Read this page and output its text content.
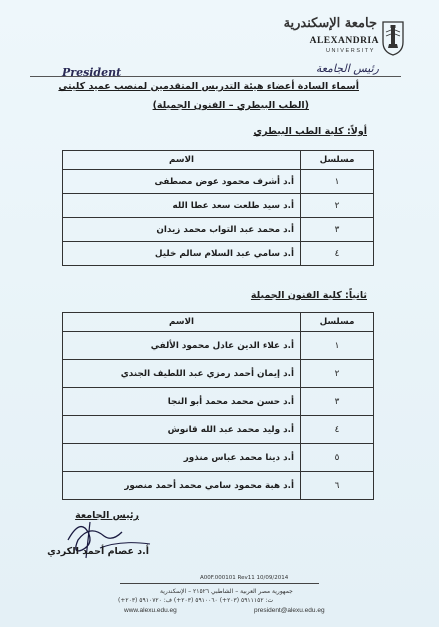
جامعة الإسكندرية
ALEXANDRIA
UNIVERSITY
رئيس الجامعة
President
أسماء السادة أعضاء هيئة التدريس المتقدمين لمنصب عميد كليتي
(الطب البيطري – الفنون الجميلة)
أولاً: كلية الطب البيطري
مسلسل	الاسم
١	أ.د أشرف محمود عوض مصطفى
٢	أ.د سيد طلعت سعد عطا الله
٣	أ.د محمد عبد التواب محمد زيدان
٤	أ.د سامي عبد السلام سالم خليل
ثانياً: كلية الفنون الجميلة
مسلسل	الاسم
١	أ.د علاء الدين عادل محمود الألفي
٢	أ.د إيمان أحمد رمزي عبد اللطيف الجندي
٣	أ.د حسن محمد محمد أبو النجا
٤	أ.د وليد محمد عبد الله قانوش
٥	أ.د دينا محمد عباس منذور
٦	أ.د هبة محمود سامي محمد أحمد منصور
رئيس الجامعة
أ.د عصام أحمد الكردي
A00F.000101 Rev11 10/09/2014
جمهورية مصر العربية – الشاطبي ٢١٥٢٦ – الإسكندرية
ت: ٥٩١١١٥٢ (٢٠٣+) ٥٩١٠٠٦٠ (٢٠٣+) ف: ٥٩١٠٧٢٠ (٢٠٣+)
www.alexu.edu.eg	president@alexu.edu.eg
